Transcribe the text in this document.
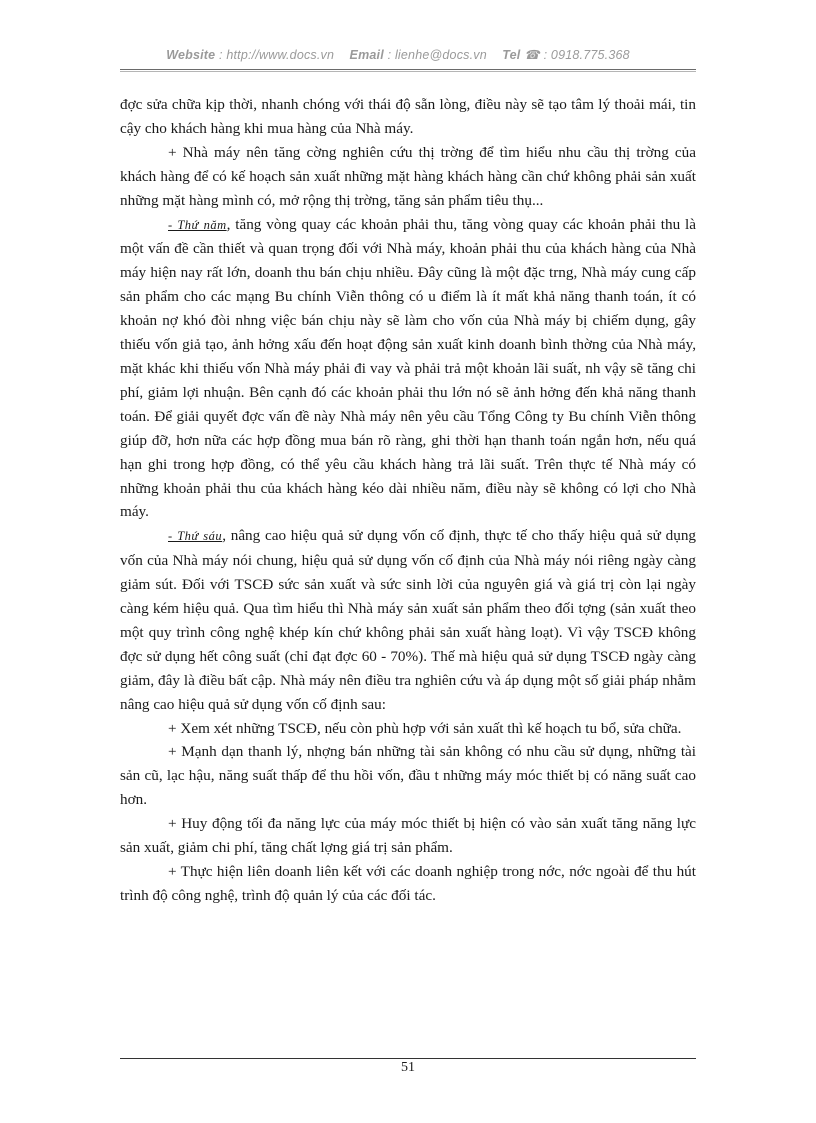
Website : http://www.docs.vn Email : lienhe@docs.vn Tel ☎ : 0918.775.368

đợc sửa chữa kịp thời, nhanh chóng với thái độ sẵn lòng, điều này sẽ tạo tâm lý thoải mái, tin cậy cho khách hàng khi mua hàng của Nhà máy.

+ Nhà máy nên tăng cờng nghiên cứu thị trờng để tìm hiểu nhu cầu thị trờng của khách hàng để có kế hoạch sản xuất những mặt hàng khách hàng cần chứ không phải sản xuất những mặt hàng mình có, mở rộng thị trờng, tăng sản phẩm tiêu thụ...

- Thứ năm, tăng vòng quay các khoản phải thu, tăng vòng quay các khoản phải thu là một vấn đề cần thiết và quan trọng đối với Nhà máy, khoản phải thu của khách hàng của Nhà máy hiện nay rất lớn, doanh thu bán chịu nhiều. Đây cũng là một đặc trng, Nhà máy cung cấp sản phẩm cho các mạng Bu chính Viễn thông có u điểm là ít mất khả năng thanh toán, ít có khoản nợ khó đòi nhng việc bán chịu này sẽ làm cho vốn của Nhà máy bị chiếm dụng, gây thiếu vốn giả tạo, ảnh hởng xấu đến hoạt động sản xuất kinh doanh bình thờng của Nhà máy, mặt khác khi thiếu vốn Nhà máy phải đi vay và phải trả một khoản lãi suất, nh vậy sẽ tăng chi phí, giảm lợi nhuận. Bên cạnh đó các khoản phải thu lớn nó sẽ ảnh hởng đến khả năng thanh toán. Để giải quyết đợc vấn đề này Nhà máy nên yêu cầu Tổng Công ty Bu chính Viễn thông giúp đỡ, hơn nữa các hợp đồng mua bán rõ ràng, ghi thời hạn thanh toán ngắn hơn, nếu quá hạn ghi trong hợp đồng, có thể yêu cầu khách hàng trả lãi suất. Trên thực tế Nhà máy có những khoản phải thu của khách hàng kéo dài nhiều năm, điều này sẽ không có lợi cho Nhà máy.

- Thứ sáu, nâng cao hiệu quả sử dụng vốn cố định, thực tế cho thấy hiệu quả sử dụng vốn của Nhà máy nói chung, hiệu quả sử dụng vốn cố định của Nhà máy nói riêng ngày càng giảm sút. Đối với TSCĐ sức sản xuất và sức sinh lời của nguyên giá và giá trị còn lại ngày càng kém hiệu quả. Qua tìm hiểu thì Nhà máy sản xuất sản phẩm theo đối tợng (sản xuất theo một quy trình công nghệ khép kín chứ không phải sản xuất hàng loạt). Vì vậy TSCĐ không đợc sử dụng hết công suất (chỉ đạt đợc 60 - 70%). Thế mà hiệu quả sử dụng TSCĐ ngày càng giảm, đây là điều bất cập. Nhà máy nên điều tra nghiên cứu và áp dụng một số giải pháp nhằm nâng cao hiệu quả sử dụng vốn cố định sau:

+ Xem xét những TSCĐ, nếu còn phù hợp với sản xuất thì kế hoạch tu bổ, sửa chữa.

+ Mạnh dạn thanh lý, nhợng bán những tài sản không có nhu cầu sử dụng, những tài sản cũ, lạc hậu, năng suất thấp để thu hồi vốn, đầu t những máy móc thiết bị có năng suất cao hơn.

+ Huy động tối đa năng lực của máy móc thiết bị hiện có vào sản xuất tăng năng lực sản xuất, giảm chi phí, tăng chất lợng giá trị sản phẩm.

+ Thực hiện liên doanh liên kết với các doanh nghiệp trong nớc, nớc ngoài để thu hút trình độ công nghệ, trình độ quản lý của các đối tác.

51
